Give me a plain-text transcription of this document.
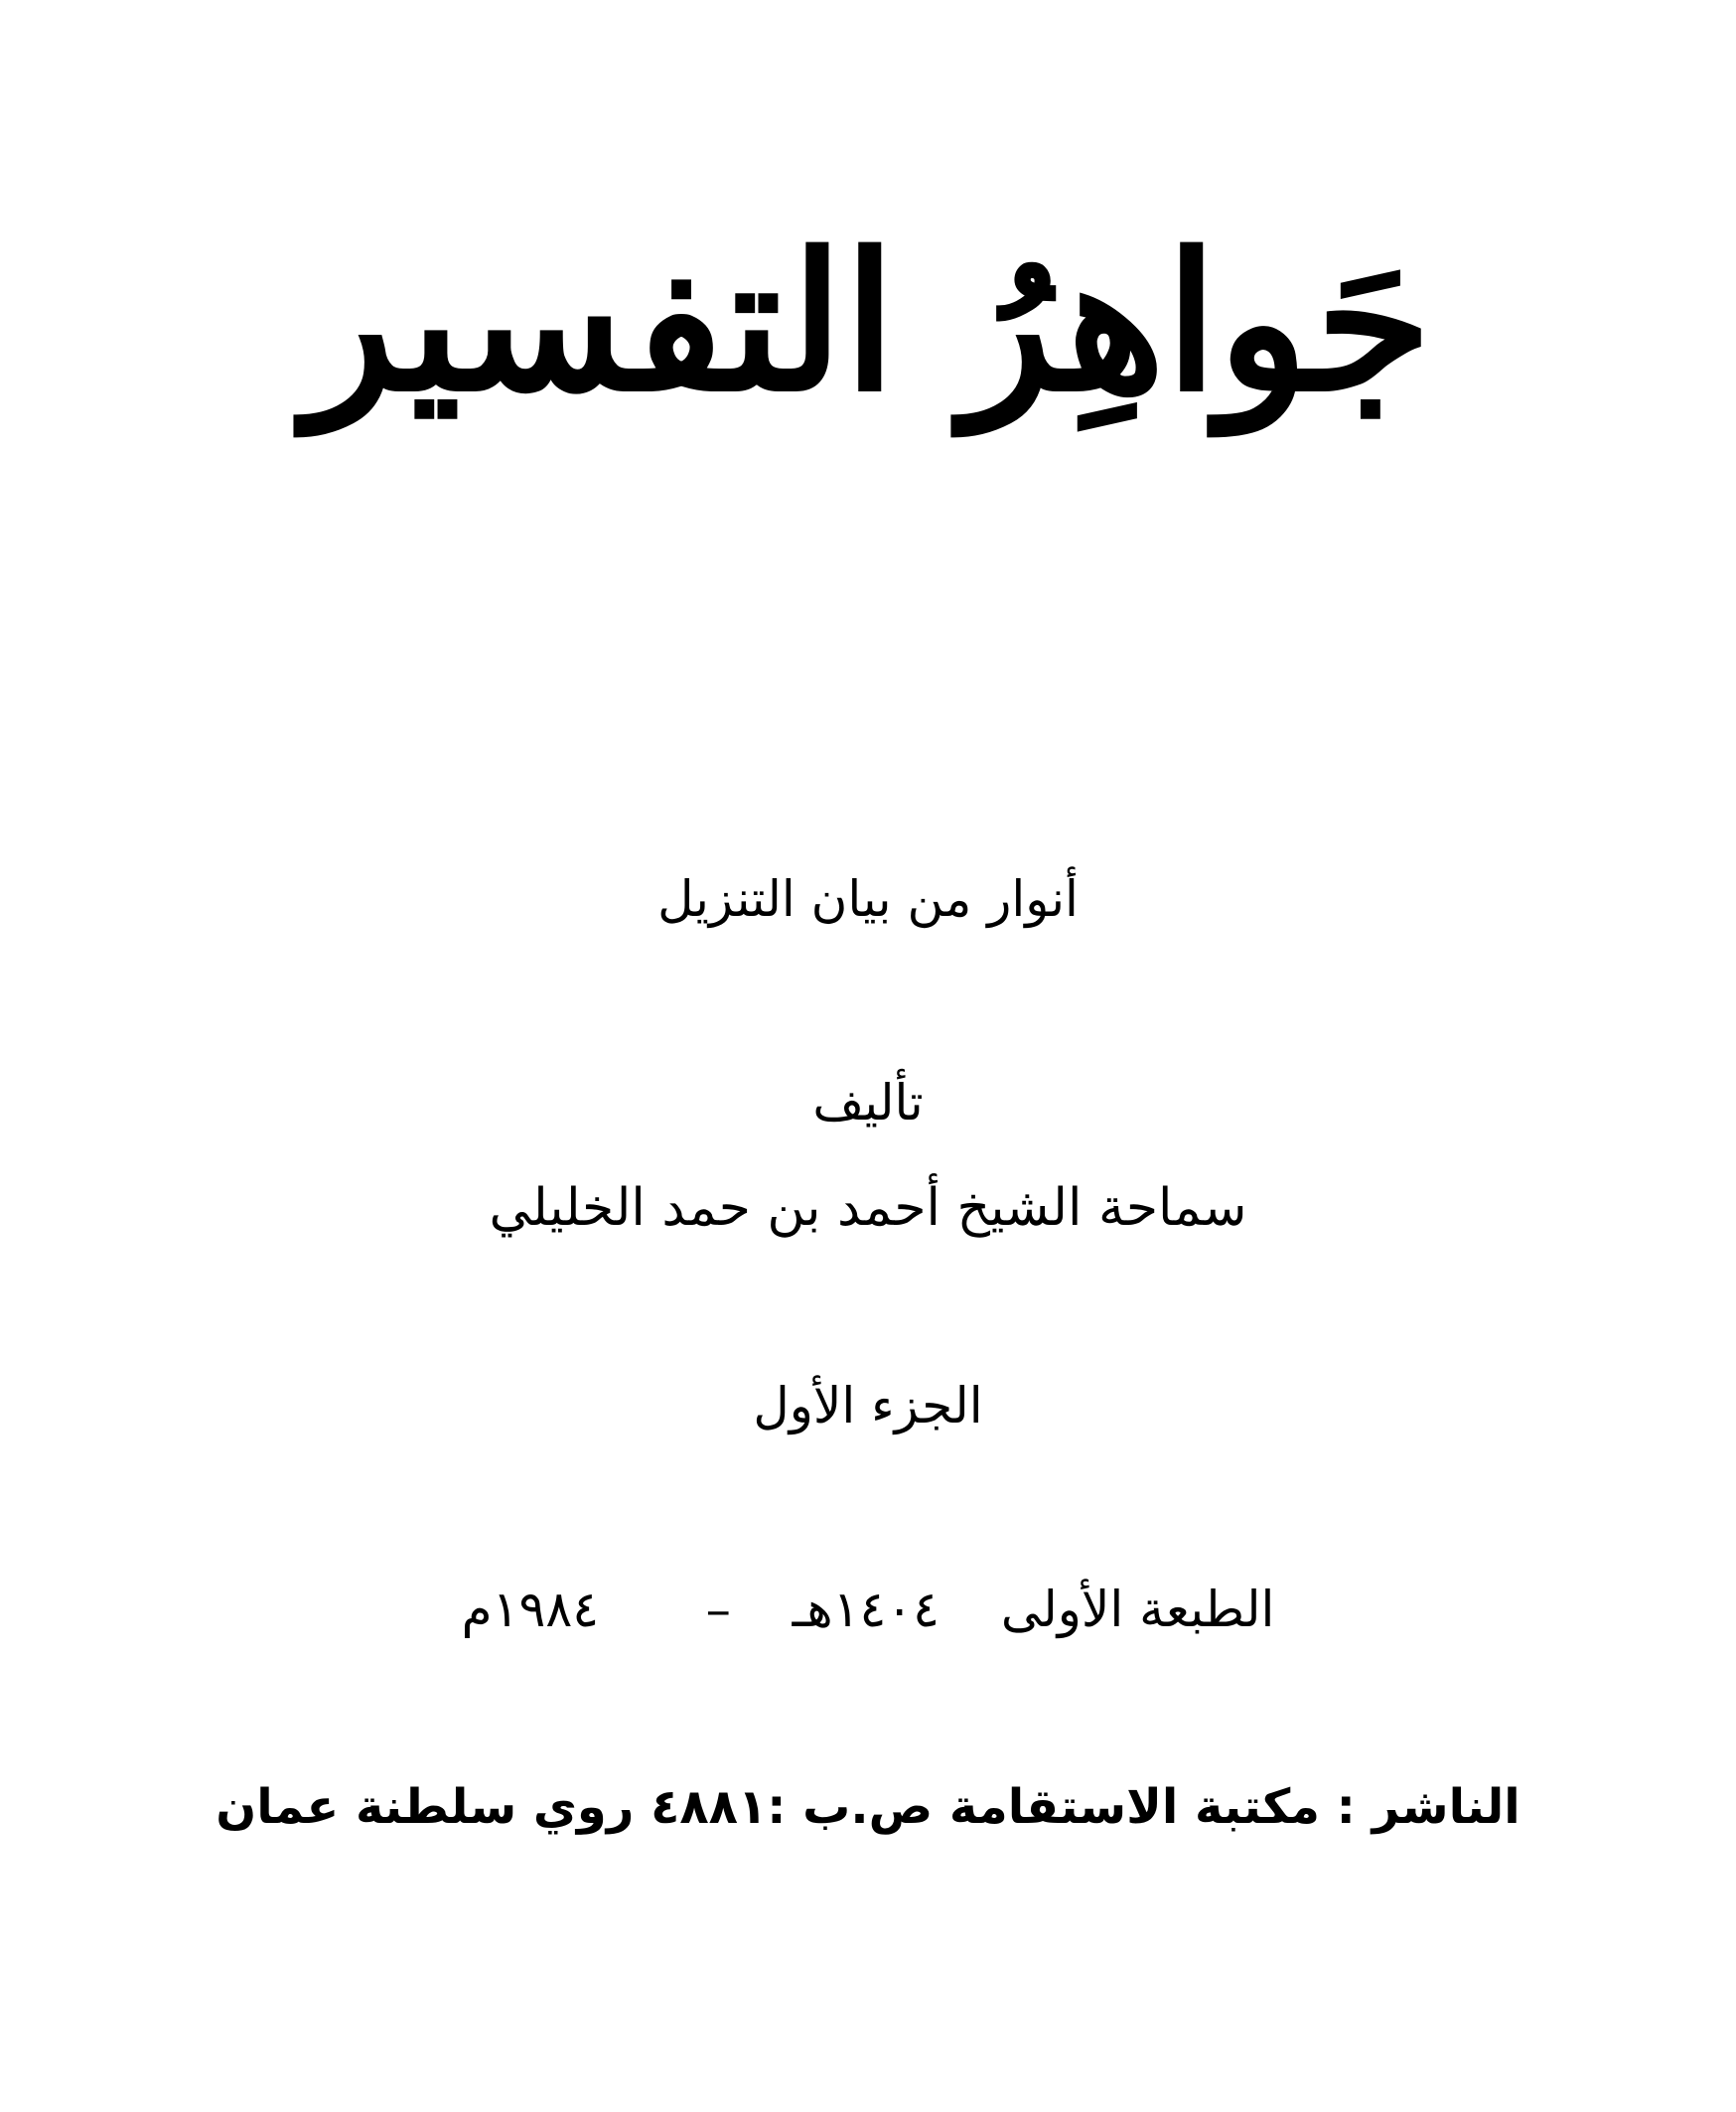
جَواهِرُ التفسير
أنوار من بيان التنزيل
تأليف
سماحة الشيخ أحمد بن حمد الخليلي
الجزء الأول
الطبعة الأولى  ١٤٠٤هـ  –   ١٩٨٤م
الناشر : مكتبة الاستقامة ص.ب :٤٨٨١ روي سلطنة عمان
